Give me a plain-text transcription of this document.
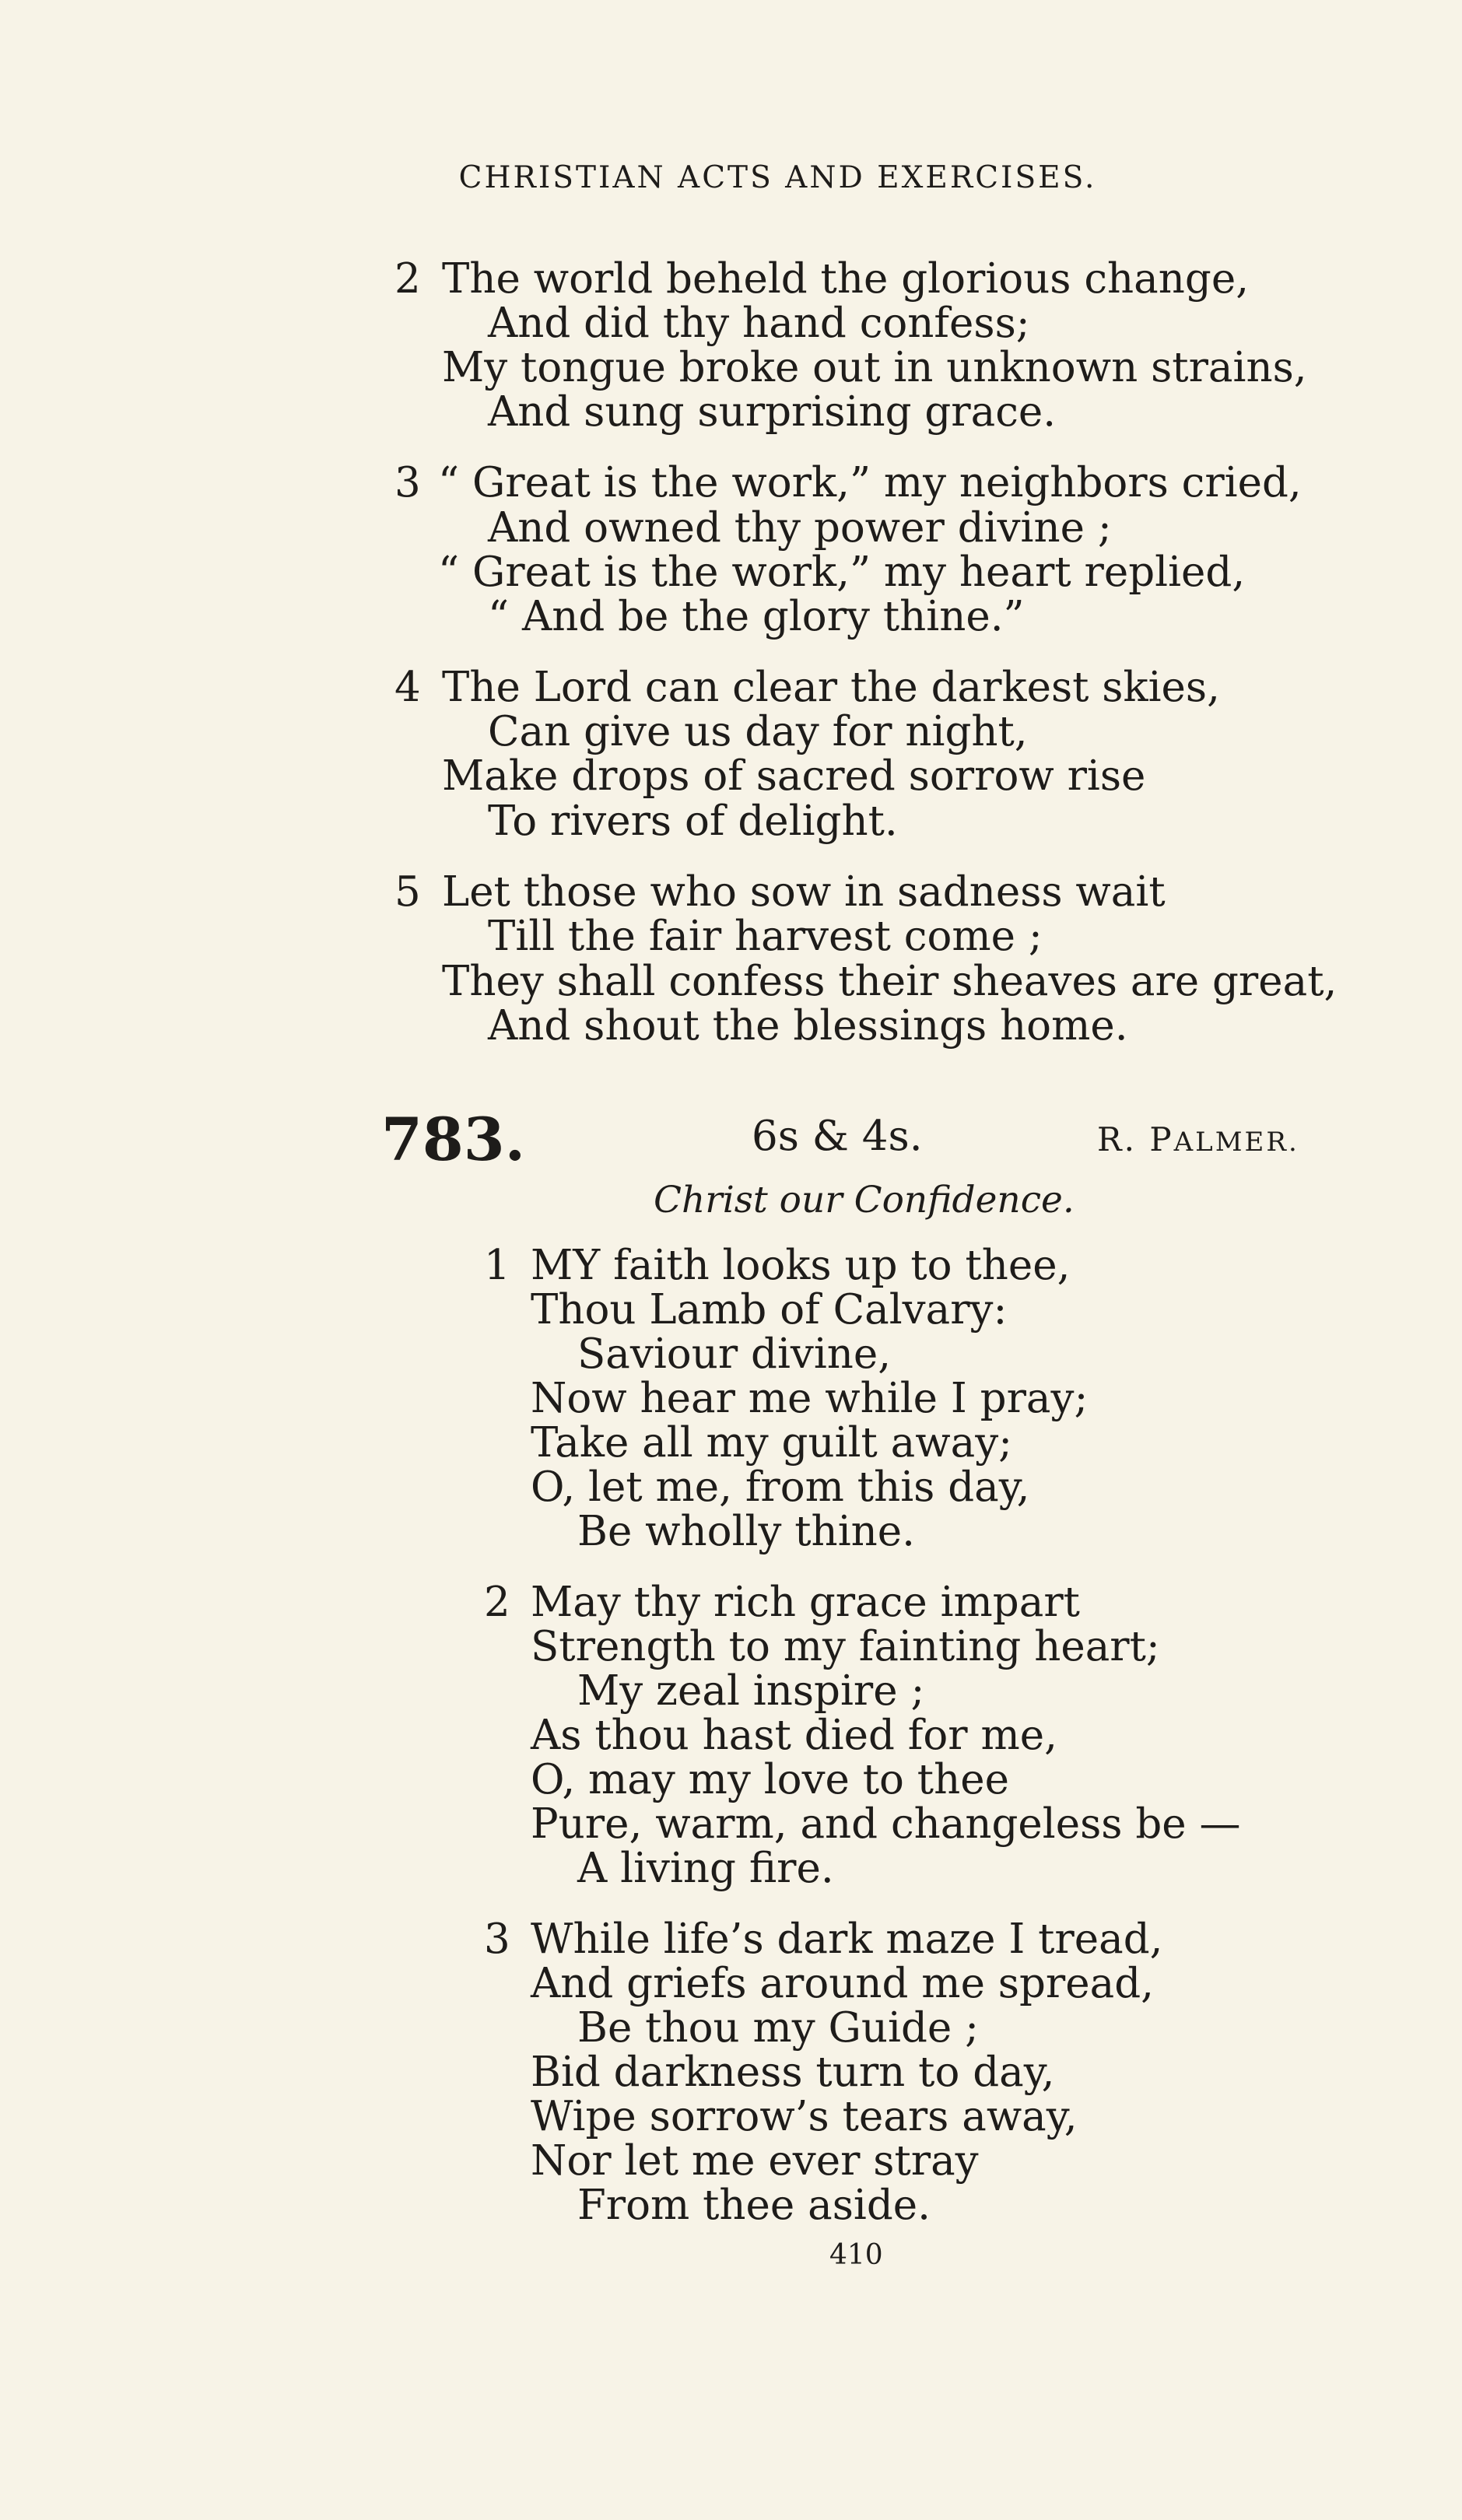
CHRISTIAN ACTS AND EXERCISES.
2 The world beheld the glorious change,
And did thy hand confess;
My tongue broke out in unknown strains,
And sung surprising grace.
3 “ Great is the work,” my neighbors cried,
And owned thy power divine ;
“ Great is the work,” my heart replied,
“ And be the glory thine.”
4 The Lord can clear the darkest skies,
Can give us day for night,
Make drops of sacred sorrow rise
To rivers of delight.
5 Let those who sow in sadness wait
Till the fair harvest come ;
They shall confess their sheaves are great,
And shout the blessings home.
783.	6s & 4s.	R. PALMER.
Christ our Confidence.
1 MY faith looks up to thee,
Thou Lamb of Calvary:
Saviour divine,
Now hear me while I pray;
Take all my guilt away;
O, let me, from this day,
Be wholly thine.
2 May thy rich grace impart
Strength to my fainting heart;
My zeal inspire ;
As thou hast died for me,
O, may my love to thee
Pure, warm, and changeless be —
A living fire.
3 While life’s dark maze I tread,
And griefs around me spread,
Be thou my Guide ;
Bid darkness turn to day,
Wipe sorrow’s tears away,
Nor let me ever stray
From thee aside.
410
